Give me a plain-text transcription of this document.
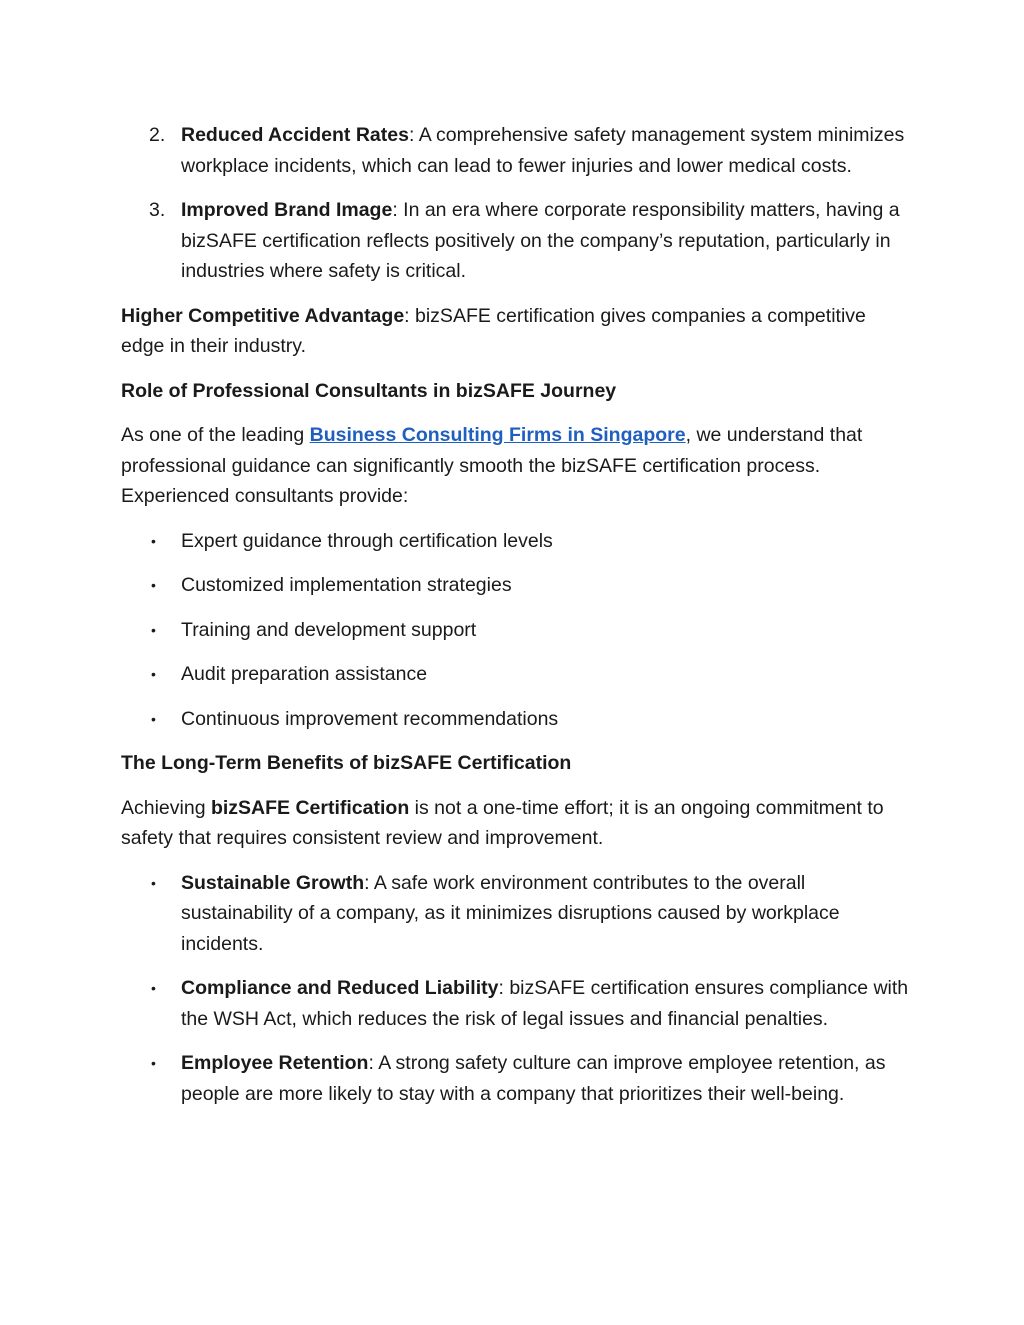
2. Reduced Accident Rates: A comprehensive safety management system minimizes workplace incidents, which can lead to fewer injuries and lower medical costs.
3. Improved Brand Image: In an era where corporate responsibility matters, having a bizSAFE certification reflects positively on the company’s reputation, particularly in industries where safety is critical.

Higher Competitive Advantage: bizSAFE certification gives companies a competitive edge in their industry.

Role of Professional Consultants in bizSAFE Journey

As one of the leading Business Consulting Firms in Singapore, we understand that professional guidance can significantly smooth the bizSAFE certification process. Experienced consultants provide:

•	Expert guidance through certification levels
•	Customized implementation strategies
•	Training and development support
•	Audit preparation assistance
•	Continuous improvement recommendations

The Long-Term Benefits of bizSAFE Certification

Achieving bizSAFE Certification is not a one-time effort; it is an ongoing commitment to safety that requires consistent review and improvement.

•	Sustainable Growth: A safe work environment contributes to the overall sustainability of a company, as it minimizes disruptions caused by workplace incidents.
•	Compliance and Reduced Liability: bizSAFE certification ensures compliance with the WSH Act, which reduces the risk of legal issues and financial penalties.
•	Employee Retention: A strong safety culture can improve employee retention, as people are more likely to stay with a company that prioritizes their well-being.
